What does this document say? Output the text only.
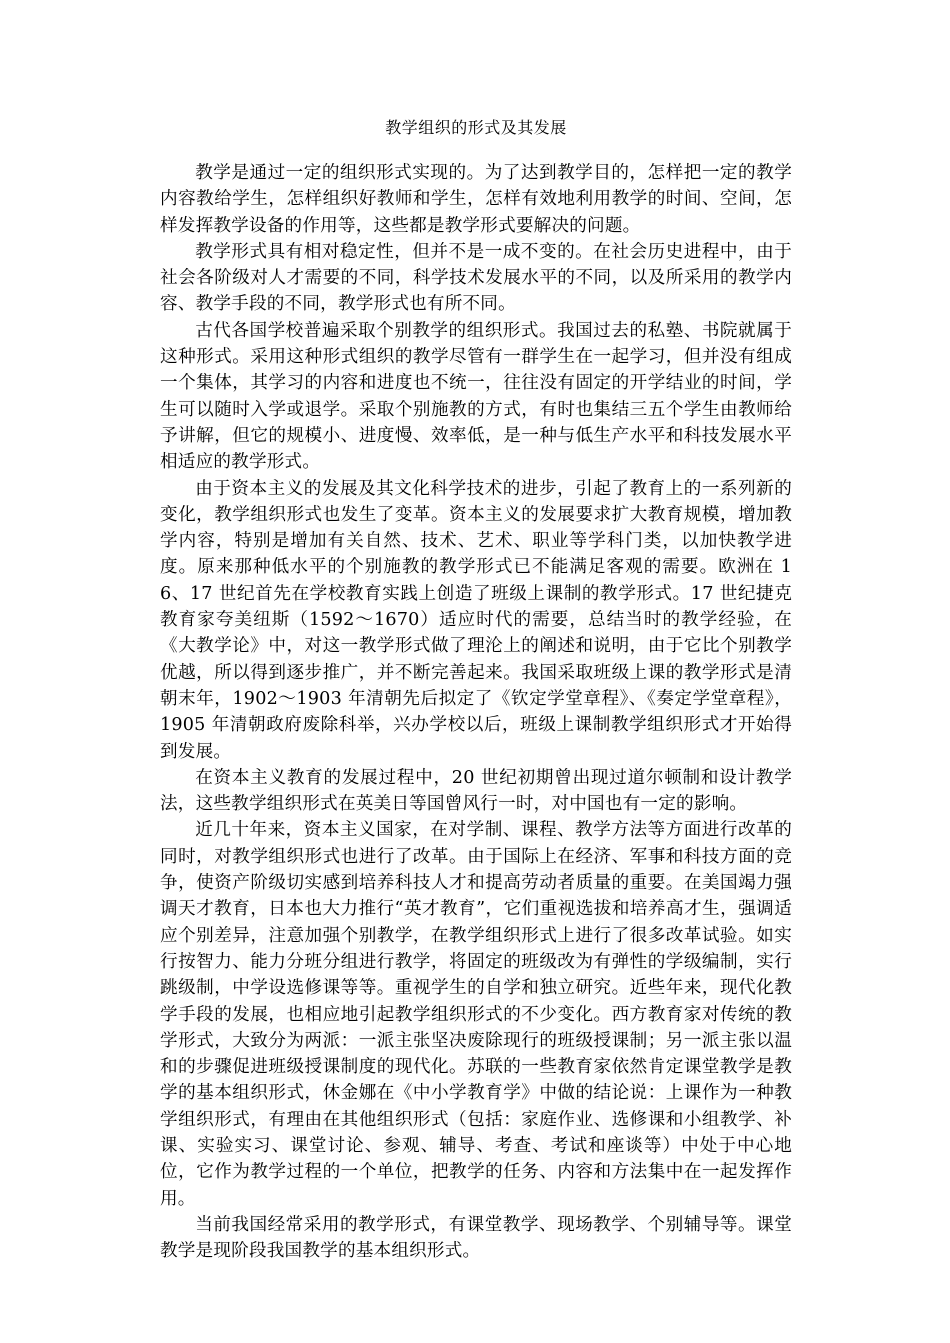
教学组织的形式及其发展

教学是通过一定的组织形式实现的。为了达到教学目的，怎样把一定的教学内容教给学生，怎样组织好教师和学生，怎样有效地利用教学的时间、空间，怎样发挥教学设备的作用等，这些都是教学形式要解决的问题。

教学形式具有相对稳定性，但并不是一成不变的。在社会历史进程中，由于社会各阶级对人才需要的不同，科学技术发展水平的不同，以及所采用的教学内容、教学手段的不同，教学形式也有所不同。

古代各国学校普遍采取个别教学的组织形式。我国过去的私塾、书院就属于这种形式。采用这种形式组织的教学尽管有一群学生在一起学习，但并没有组成一个集体，其学习的内容和进度也不统一，往往没有固定的开学结业的时间，学生可以随时入学或退学。采取个别施教的方式，有时也集结三五个学生由教师给予讲解，但它的规模小、进度慢、效率低，是一种与低生产水平和科技发展水平相适应的教学形式。

由于资本主义的发展及其文化科学技术的进步，引起了教育上的一系列新的变化，教学组织形式也发生了变革。资本主义的发展要求扩大教育规模，增加教学内容，特别是增加有关自然、技术、艺术、职业等学科门类，以加快教学进度。原来那种低水平的个别施教的教学形式已不能满足客观的需要。欧洲在 16、17 世纪首先在学校教育实践上创造了班级上课制的教学形式。17 世纪捷克教育家夸美纽斯（1592～1670）适应时代的需要，总结当时的教学经验，在《大教学论》中，对这一教学形式做了理沦上的阐述和说明，由于它比个别教学优越，所以得到逐步推广，并不断完善起来。我国采取班级上课的教学形式是清朝末年，1902～1903 年清朝先后拟定了《钦定学堂章程》、《奏定学堂章程》，1905 年清朝政府废除科举，兴办学校以后，班级上课制教学组织形式才开始得到发展。

在资本主义教育的发展过程中，20 世纪初期曾出现过道尔顿制和设计教学法，这些教学组织形式在英美日等国曾风行一时，对中国也有一定的影响。

近几十年来，资本主义国家，在对学制、课程、教学方法等方面进行改革的同时，对教学组织形式也进行了改革。由于国际上在经济、军事和科技方面的竞争，使资产阶级切实感到培养科技人才和提高劳动者质量的重要。在美国竭力强调天才教育，日本也大力推行“英才教育”，它们重视选拔和培养高才生，强调适应个别差异，注意加强个别教学，在教学组织形式上进行了很多改革试验。如实行按智力、能力分班分组进行教学，将固定的班级改为有弹性的学级编制，实行跳级制，中学设选修课等等。重视学生的自学和独立研究。近些年来，现代化教学手段的发展，也相应地引起教学组织形式的不少变化。西方教育家对传统的教学形式，大致分为两派：一派主张坚决废除现行的班级授课制；另一派主张以温和的步骤促进班级授课制度的现代化。苏联的一些教育家依然肯定课堂教学是教学的基本组织形式，休金娜在《中小学教育学》中做的结论说：上课作为一种教学组织形式，有理由在其他组织形式（包括：家庭作业、选修课和小组教学、补课、实验实习、课堂讨论、参观、辅导、考查、考试和座谈等）中处于中心地位，它作为教学过程的一个单位，把教学的任务、内容和方法集中在一起发挥作用。

当前我国经常采用的教学形式，有课堂教学、现场教学、个别辅导等。课堂教学是现阶段我国教学的基本组织形式。
